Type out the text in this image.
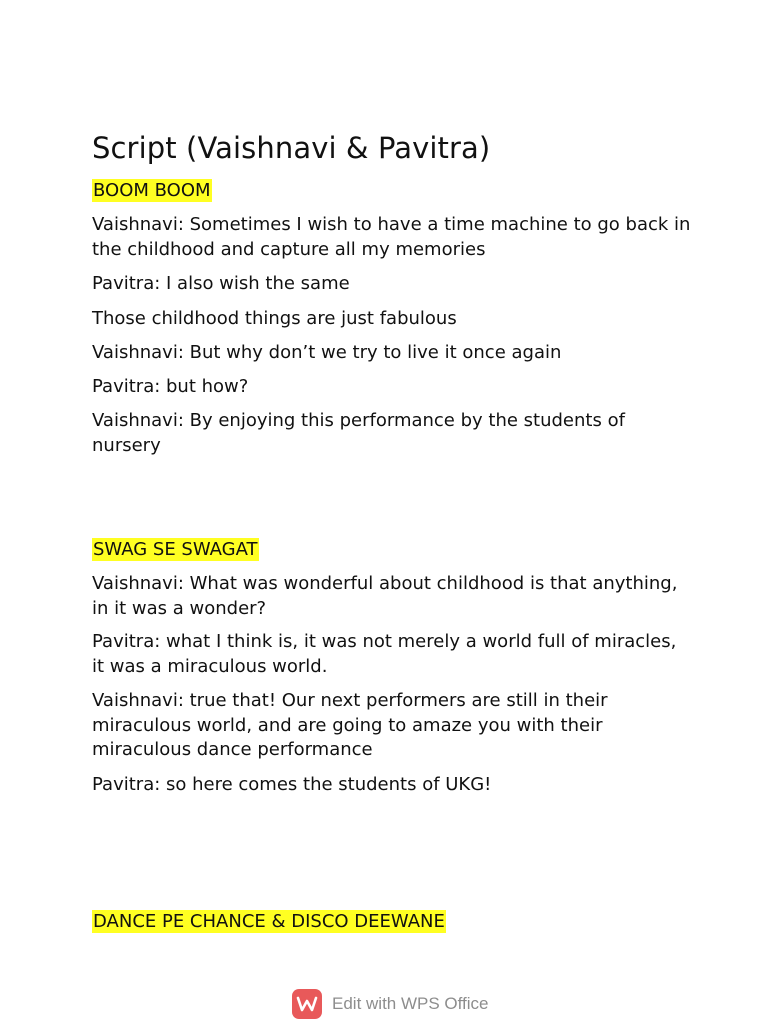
Script (Vaishnavi & Pavitra)
BOOM BOOM

Vaishnavi: Sometimes I wish to have a time machine to go back in the childhood and capture all my memories

Pavitra: I also wish the same

Those childhood things are just fabulous

Vaishnavi: But why don’t we try to live it once again

Pavitra: but how?

Vaishnavi: By enjoying this performance by the students of nursery

SWAG SE SWAGAT

Vaishnavi: What was wonderful about childhood is that anything, in it was a wonder?

Pavitra: what I think is, it was not merely a world full of miracles, it was a miraculous world.

Vaishnavi: true that! Our next performers are still in their miraculous world, and are going to amaze you with their miraculous dance performance

Pavitra: so here comes the students of UKG!

DANCE PE CHANCE & DISCO DEEWANE
Edit with WPS Office
